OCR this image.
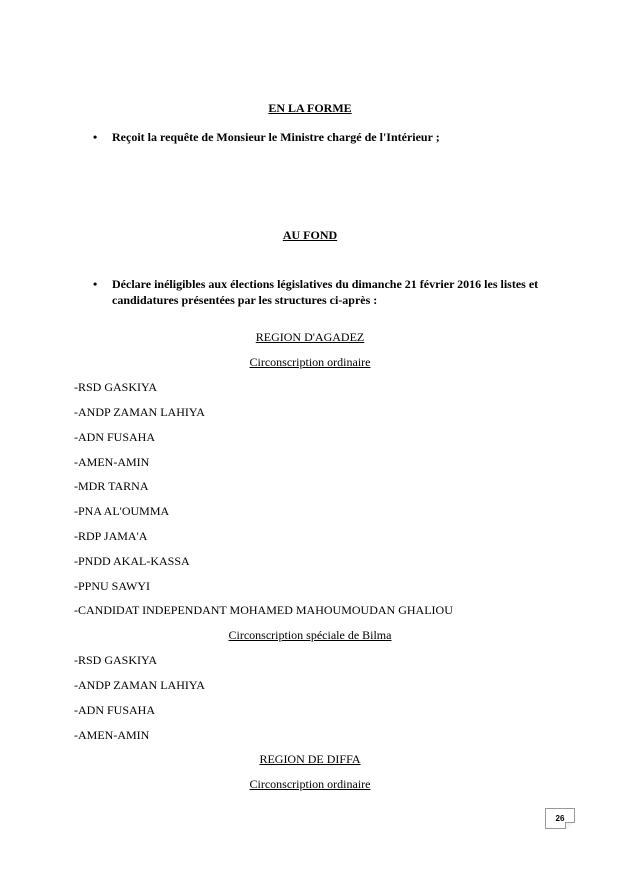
EN LA FORME
• Reçoit la requête de Monsieur le Ministre chargé de l'Intérieur ;
AU FOND
• Déclare inéligibles aux élections législatives du dimanche 21 février 2016 les listes et candidatures présentées par les structures ci-après :
REGION D'AGADEZ
Circonscription ordinaire
-RSD GASKIYA
-ANDP ZAMAN LAHIYA
-ADN FUSAHA
-AMEN-AMIN
-MDR TARNA
-PNA AL'OUMMA
-RDP JAMA'A
-PNDD AKAL-KASSA
-PPNU SAWYI
-CANDIDAT INDEPENDANT MOHAMED MAHOUMOUDAN GHALIOU
Circonscription spéciale de Bilma
-RSD GASKIYA
-ANDP ZAMAN LAHIYA
-ADN FUSAHA
-AMEN-AMIN
REGION DE DIFFA
Circonscription ordinaire
26
